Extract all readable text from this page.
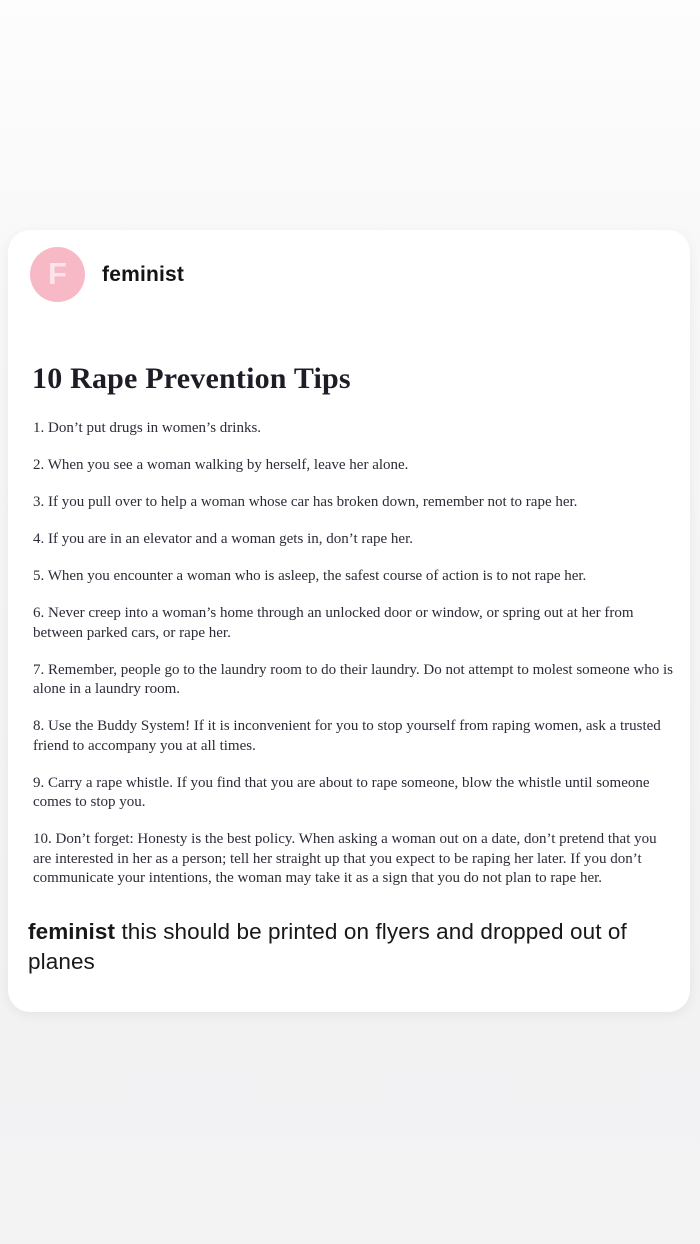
F feminist
10 Rape Prevention Tips

1. Don’t put drugs in women’s drinks.

2. When you see a woman walking by herself, leave her alone.

3. If you pull over to help a woman whose car has broken down, remember not to rape her.

4. If you are in an elevator and a woman gets in, don’t rape her.

5. When you encounter a woman who is asleep, the safest course of action is to not rape her.

6. Never creep into a woman’s home through an unlocked door or window, or spring out at her from between parked cars, or rape her.

7. Remember, people go to the laundry room to do their laundry. Do not attempt to molest someone who is alone in a laundry room.

8. Use the Buddy System! If it is inconvenient for you to stop yourself from raping women, ask a trusted friend to accompany you at all times.

9. Carry a rape whistle. If you find that you are about to rape someone, blow the whistle until someone comes to stop you.

10. Don’t forget: Honesty is the best policy. When asking a woman out on a date, don’t pretend that you are interested in her as a person; tell her straight up that you expect to be raping her later. If you don’t communicate your intentions, the woman may take it as a sign that you do not plan to rape her.

feminist this should be printed on flyers and dropped out of planes
